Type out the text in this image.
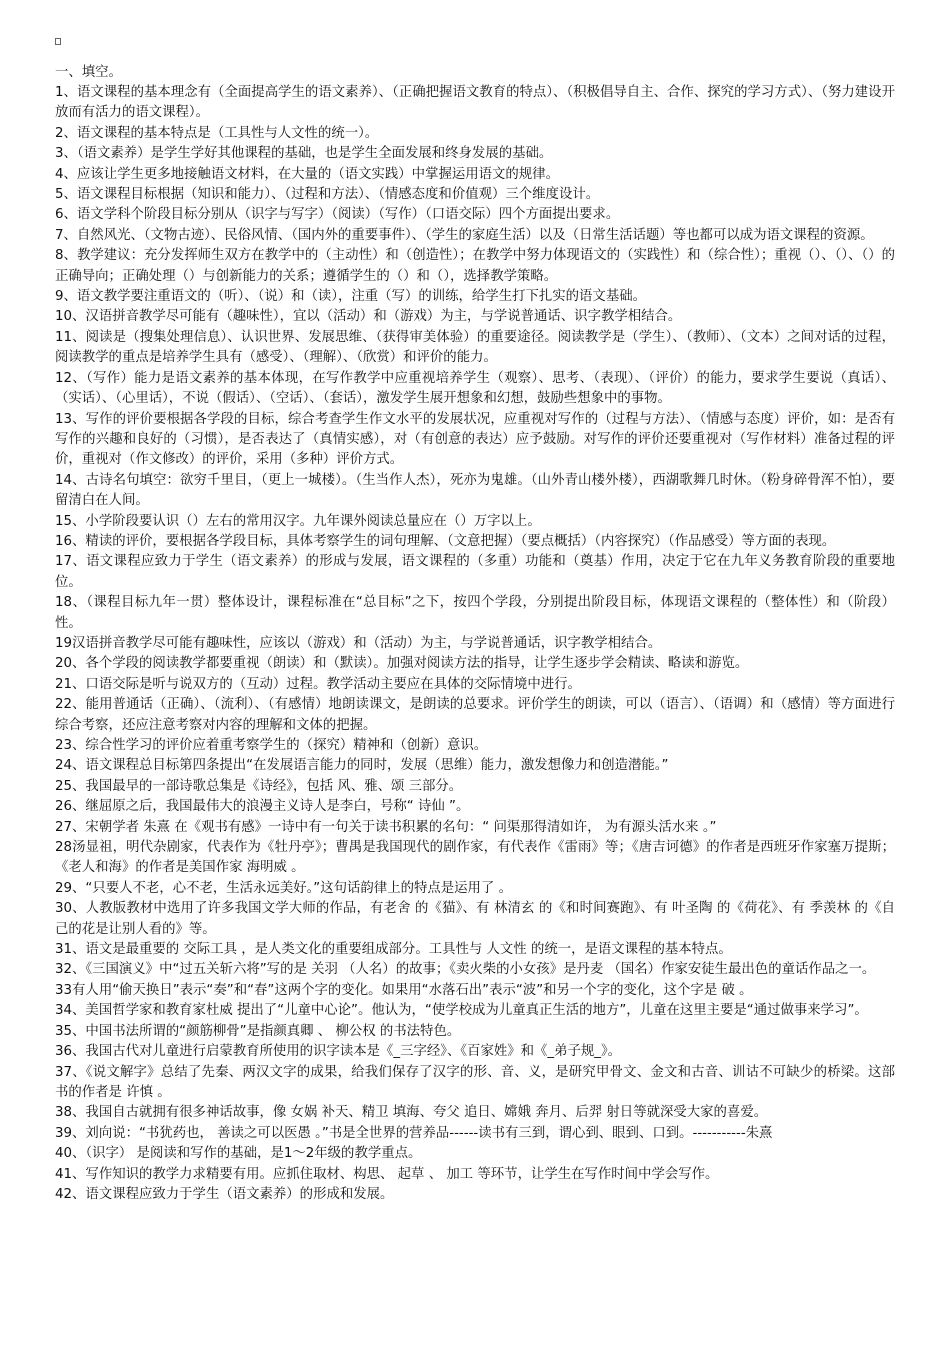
一、填空。

1、语文课程的基本理念有（全面提高学生的语文素养）、（正确把握语文教育的特点）、（积极倡导自主、合作、探究的学习方式）、（努力建设开放而有活力的语文课程）。
2、语文课程的基本特点是（工具性与人文性的统一）。
3、（语文素养）是学生学好其他课程的基础，也是学生全面发展和终身发展的基础。
4、应该让学生更多地接触语文材料，在大量的（语文实践）中掌握运用语文的规律。
5、语文课程目标根据（知识和能力）、（过程和方法）、（情感态度和价值观）三个维度设计。
6、语文学科个阶段目标分别从（识字与写字）（阅读）（写作）（口语交际）四个方面提出要求。
7、自然风光、（文物古迹）、民俗风情、（国内外的重要事件）、（学生的家庭生活）以及（日常生活话题）等也都可以成为语文课程的资源。
8、教学建议：充分发挥师生双方在教学中的（主动性）和（创造性）；在教学中努力体现语文的（实践性）和（综合性）；重视（）、（）、（）的正确导向；正确处理（）与创新能力的关系；遵循学生的（）和（），选择教学策略。
9、语文教学要注重语文的（听）、（说）和（读），注重（写）的训练，给学生打下扎实的语文基础。
10、汉语拼音教学尽可能有（趣味性），宜以（活动）和（游戏）为主，与学说普通话、识字教学相结合。
11、阅读是（搜集处理信息）、认识世界、发展思维、（获得审美体验）的重要途径。阅读教学是（学生）、（教师）、（文本）之间对话的过程，阅读教学的重点是培养学生具有（感受）、（理解）、（欣赏）和评价的能力。
12、（写作）能力是语文素养的基本体现，在写作教学中应重视培养学生（观察）、思考、（表现）、（评价）的能力，要求学生要说（真话）、（实话）、（心里话），不说（假话）、（空话）、（套话），激发学生展开想象和幻想，鼓励些想象中的事物。
13、写作的评价要根据各学段的目标，综合考查学生作文水平的发展状况，应重视对写作的（过程与方法）、（情感与态度）评价，如：是否有写作的兴趣和良好的（习惯），是否表达了（真情实感），对（有创意的表达）应予鼓励。对写作的评价还要重视对（写作材料）准备过程的评价，重视对（作文修改）的评价，采用（多种）评价方式。
14、古诗名句填空：欲穷千里目，（更上一城楼）。（生当作人杰），死亦为鬼雄。（山外青山楼外楼），西湖歌舞几时休。（粉身碎骨浑不怕），要留清白在人间。
15、小学阶段要认识（）左右的常用汉字。九年课外阅读总量应在（）万字以上。
16、精读的评价，要根据各学段目标，具体考察学生的词句理解、（文意把握）（要点概括）（内容探究）（作品感受）等方面的表现。
17、语文课程应致力于学生（语文素养）的形成与发展，语文课程的（多重）功能和（奠基）作用，决定于它在九年义务教育阶段的重要地位。
18、（课程目标九年一贯）整体设计，课程标准在“总目标”之下，按四个学段，分别提出阶段目标，体现语文课程的（整体性）和（阶段）性。
19汉语拼音教学尽可能有趣味性，应该以（游戏）和（活动）为主，与学说普通话，识字教学相结合。
20、各个学段的阅读教学都要重视（朗读）和（默读）。加强对阅读方法的指导，让学生逐步学会精读、略读和游览。
21、口语交际是听与说双方的（互动）过程。教学活动主要应在具体的交际情境中进行。
22、能用普通话（正确）、（流利）、（有感情）地朗读课文，是朗读的总要求。评价学生的朗读，可以（语言）、（语调）和（感情）等方面进行综合考察，还应注意考察对内容的理解和文体的把握。
23、综合性学习的评价应着重考察学生的（探究）精神和（创新）意识。
24、语文课程总目标第四条提出“在发展语言能力的同时，发展（思维）能力，激发想像力和创造潜能。”
25、我国最早的一部诗歌总集是《诗经》，包括 风、雅、颂 三部分。
26、继屈原之后，我国最伟大的浪漫主义诗人是李白，号称“ 诗仙 ”。
27、宋朝学者 朱熹 在《观书有感》一诗中有一句关于读书积累的名句：“ 问渠那得清如许， 为有源头活水来 。”
28汤显祖，明代杂剧家，代表作为《牡丹亭》；曹禺是我国现代的剧作家，有代表作《雷雨》等；《唐吉诃德》的作者是西班牙作家塞万提斯；《老人和海》的作者是美国作家 海明威 。
29、“只要人不老，心不老，生活永远美好。”这句话韵律上的特点是运用了 。
30、人教版教材中选用了许多我国文学大师的作品，有老舍 的《猫》、有 林清玄 的《和时间赛跑》、有 叶圣陶 的《荷花》、有 季羡林 的《自己的花是让别人看的》等。
31、语文是最重要的 交际工具 ，是人类文化的重要组成部分。工具性与 人文性 的统一，是语文课程的基本特点。
32、《三国演义》中“过五关斩六将”写的是 关羽 （人名）的故事；《卖火柴的小女孩》是丹麦 （国名）作家安徒生最出色的童话作品之一。
33有人用“偷天换日”表示“奏”和“春”这两个字的变化。如果用“水落石出”表示“波”和另一个字的变化，这个字是 破 。
34、美国哲学家和教育家杜威 提出了“儿童中心论”。他认为，“使学校成为儿童真正生活的地方”，儿童在这里主要是“通过做事来学习”。
35、中国书法所谓的“颜筋柳骨”是指颜真卿 、 柳公权 的书法特色。
36、我国古代对儿童进行启蒙教育所使用的识字读本是《_三字经》、《百家姓》和《_弟子规_》。
37、《说文解字》总结了先秦、两汉文字的成果，给我们保存了汉字的形、音、义，是研究甲骨文、金文和古音、训诂不可缺少的桥梁。这部书的作者是 许慎 。
38、我国自古就拥有很多神话故事，像 女娲 补天、精卫 填海、夸父 追日、嫦娥 奔月、后羿 射日等就深受大家的喜爱。
39、刘向说：“书犹药也， 善读之可以医愚 。”书是全世界的营养品------读书有三到，谓心到、眼到、口到。-----------朱熹
40、（识字） 是阅读和写作的基础，是1～2年级的教学重点。
41、写作知识的教学力求精要有用。应抓住取材、构思、 起草 、 加工 等环节，让学生在写作时间中学会写作。
42、语文课程应致力于学生（语文素养）的形成和发展。
